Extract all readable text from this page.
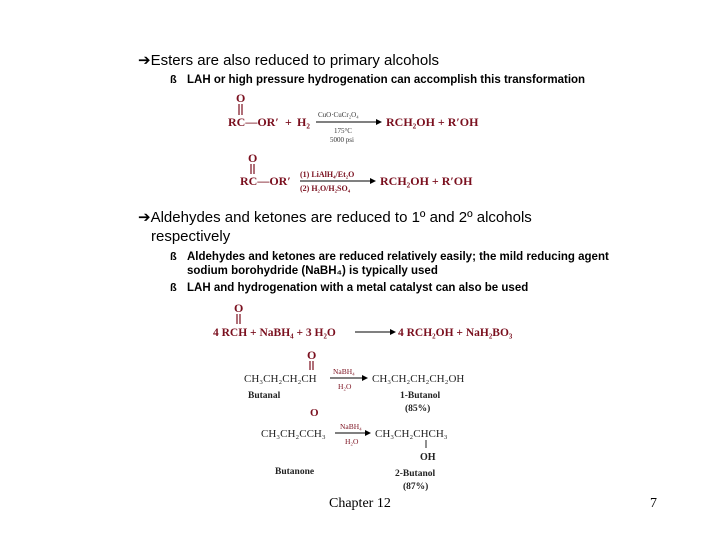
➔Esters are also reduced to primary alcohols
ß LAH or high pressure hydrogenation can accomplish this transformation
O
RC—OR′ + H₂ CuO·CuCr₂O₄
175°C
5000 psi
RCH₂OH + R′OH
O
RC—OR′ (1) LiAlH₄/Et₂O
(2) H₂O/H₂SO₄
RCH₂OH + R′OH
➔Aldehydes and ketones are reduced to 1º and 2º alcohols
respectively
ß Aldehydes and ketones are reduced relatively easily; the mild reducing agent
sodium borohydride (NaBH₄) is typically used
ß LAH and hydrogenation with a metal catalyst can also be used
O
4 RCH + NaBH₄ + 3 H₂O	4 RCH₂OH + NaH₂BO₃
O
CH₃CH₂CH₂CH
Butanal
NaBH₄
H₂O
CH₃CH₂CH₂CH₂OH
1-Butanol
(85%)
O
CH₃CH₂CCH₃
Butanone
NaBH₄
H₂O
CH₃CH₂CHCH₃
OH
2-Butanol
(87%)
Chapter 12	7
